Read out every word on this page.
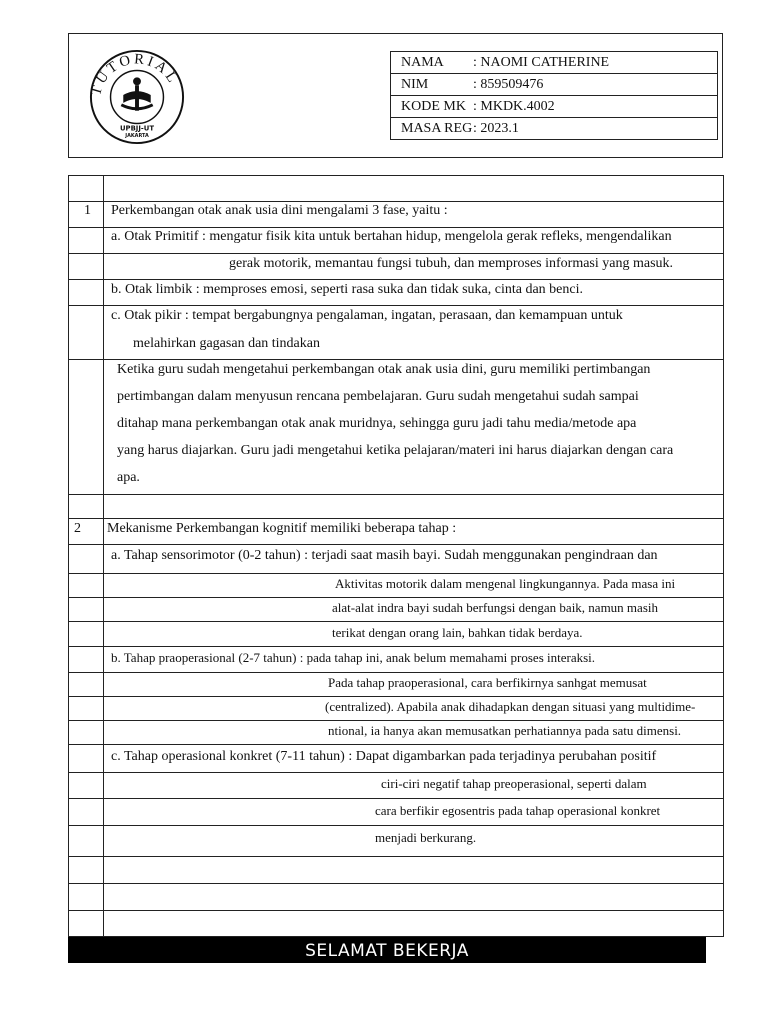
TUTORIAL
UPBJJ-UT
JAKARTA
NAMA	: NAOMI CATHERINE
NIM	: 859509476
KODE MK	: MKDK.4002
MASA REG	: 2023.1
1 Perkembangan otak anak usia dini mengalami 3 fase, yaitu :
a. Otak Primitif : mengatur fisik kita untuk bertahan hidup, mengelola gerak refleks, mengendalikan
gerak motorik, memantau fungsi tubuh, dan memproses informasi yang masuk.
b. Otak limbik : memproses emosi, seperti rasa suka dan tidak suka, cinta dan benci.
c. Otak pikir : tempat bergabungnya pengalaman, ingatan, perasaan, dan kemampuan untuk
melahirkan gagasan dan tindakan
Ketika guru sudah mengetahui perkembangan otak anak usia dini, guru memiliki pertimbangan
pertimbangan dalam menyusun rencana pembelajaran. Guru sudah mengetahui sudah sampai
ditahap mana perkembangan otak anak muridnya, sehingga guru jadi tahu media/metode apa
yang harus diajarkan. Guru jadi mengetahui ketika pelajaran/materi ini harus diajarkan dengan cara
apa.
2 Mekanisme Perkembangan kognitif memiliki beberapa tahap :
a. Tahap sensorimotor (0-2 tahun) : terjadi saat masih bayi. Sudah menggunakan pengindraan dan
Aktivitas motorik dalam mengenal lingkungannya. Pada masa ini
alat-alat indra bayi sudah berfungsi dengan baik, namun masih
terikat dengan orang lain, bahkan tidak berdaya.
b. Tahap praoperasional (2-7 tahun) : pada tahap ini, anak belum memahami proses interaksi.
Pada tahap praoperasional, cara berfikirnya sanhgat memusat
(centralized). Apabila anak dihadapkan dengan situasi yang multidime-
ntional, ia hanya akan memusatkan perhatiannya pada satu dimensi.
c. Tahap operasional konkret (7-11 tahun) : Dapat digambarkan pada terjadinya perubahan positif
ciri-ciri negatif tahap preoperasional, seperti dalam
cara berfikir egosentris pada tahap operasional konkret
menjadi berkurang.
SELAMAT BEKERJA
